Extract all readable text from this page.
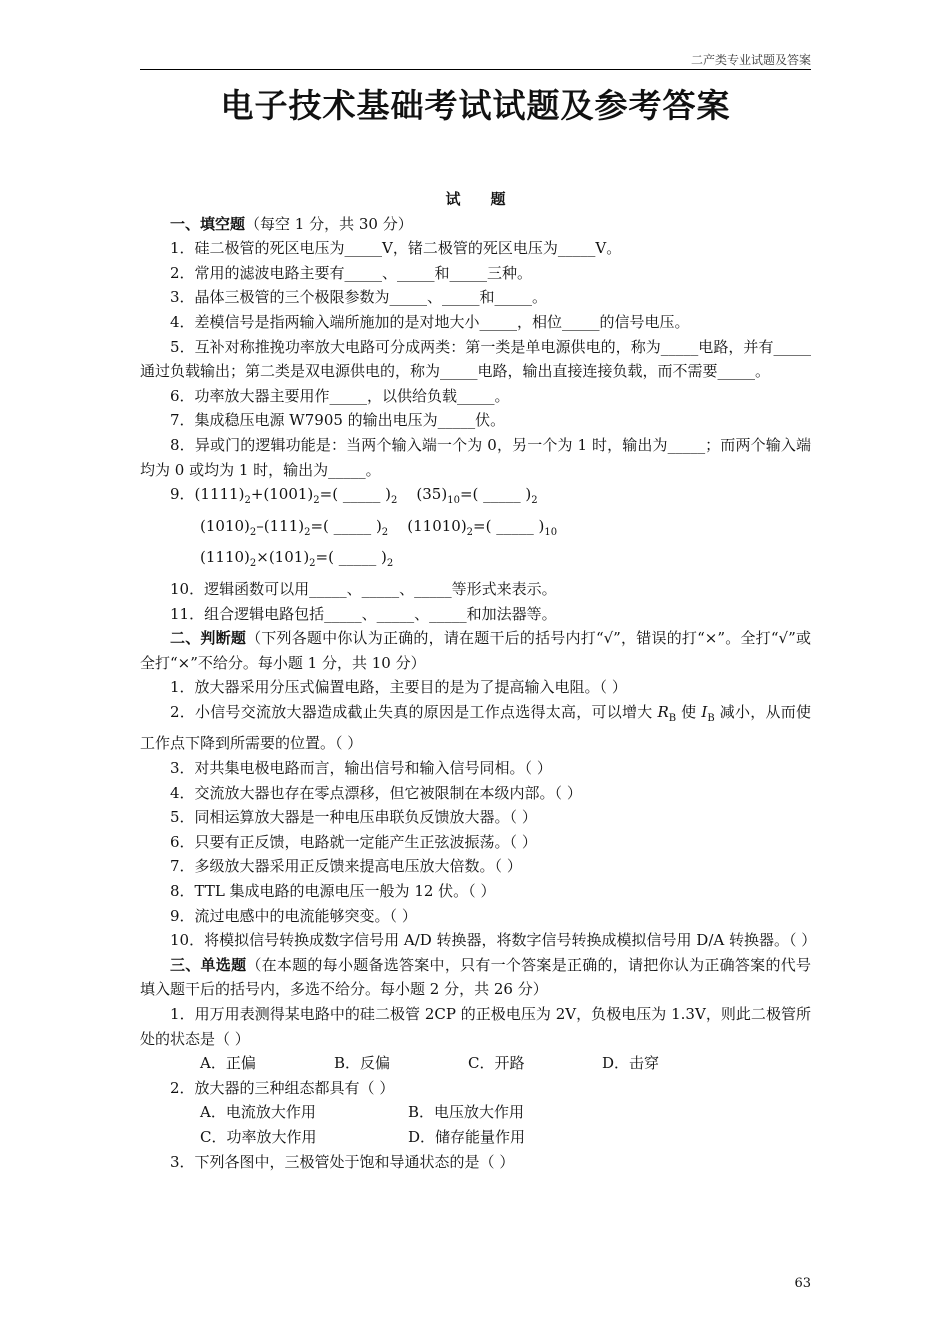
二产类专业试题及答案
电子技术基础考试试题及参考答案

试题

一、填空题（每空 1 分，共 30 分）

1．硅二极管的死区电压为_____V，锗二极管的死区电压为_____V。

2．常用的滤波电路主要有_____、_____和_____三种。

3．晶体三极管的三个极限参数为_____、_____和_____。

4．差模信号是指两输入端所施加的是对地大小_____，相位_____的信号电压。

5．互补对称推挽功率放大电路可分成两类：第一类是单电源供电的，称为_____电路，并有_____通过负载输出；第二类是双电源供电的，称为_____电路，输出直接连接负载，而不需要_____。

6．功率放大器主要用作_____，以供给负载_____。

7．集成稳压电源 W7905 的输出电压为_____伏。

8．异或门的逻辑功能是：当两个输入端一个为 0，另一个为 1 时，输出为_____；而两个输入端均为 0 或均为 1 时，输出为_____。

9．$(1111)_2+(1001)_2=$( _____ )$_2$ $(35)_{10}=$( _____ )$_2$

$(1010)_2-(111)_2=$( _____ )$_2$ $(11010)_2=$( _____ )$_{10}$

$(1110)_2\times(101)_2=$( _____ )$_2$

10．逻辑函数可以用_____、_____、_____等形式来表示。

11．组合逻辑电路包括_____、_____、_____和加法器等。

二、判断题（下列各题中你认为正确的，请在题干后的括号内打“√”，错误的打“×”。全打“√”或全打“×”不给分。每小题 1 分，共 10 分）

1．放大器采用分压式偏置电路，主要目的是为了提高输入电阻。（ ）

2．小信号交流放大器造成截止失真的原因是工作点选得太高，可以增大 $R_B$ 使 $I_B$ 减小，从而使工作点下降到所需要的位置。（ ）

3．对共集电极电路而言，输出信号和输入信号同相。（ ）

4．交流放大器也存在零点漂移，但它被限制在本级内部。（ ）

5．同相运算放大器是一种电压串联负反馈放大器。（ ）

6．只要有正反馈，电路就一定能产生正弦波振荡。（ ）

7．多级放大器采用正反馈来提高电压放大倍数。（ ）

8．TTL 集成电路的电源电压一般为 12 伏。（ ）

9．流过电感中的电流能够突变。（ ）

10．将模拟信号转换成数字信号用 A/D 转换器，将数字信号转换成模拟信号用 D/A 转换器。（ ）

三、单选题（在本题的每小题备选答案中，只有一个答案是正确的，请把你认为正确答案的代号填入题干后的括号内，多选不给分。每小题 2 分，共 26 分）

1．用万用表测得某电路中的硅二极管 2CP 的正极电压为 2V，负极电压为 1.3V，则此二极管所处的状态是（ ）

A．正偏	B．反偏	C．开路	D．击穿

2．放大器的三种组态都具有（ ）

A．电流放大作用	B．电压放大作用
C．功率放大作用	D．储存能量作用

3．下列各图中，三极管处于饱和导通状态的是（ ）

63
